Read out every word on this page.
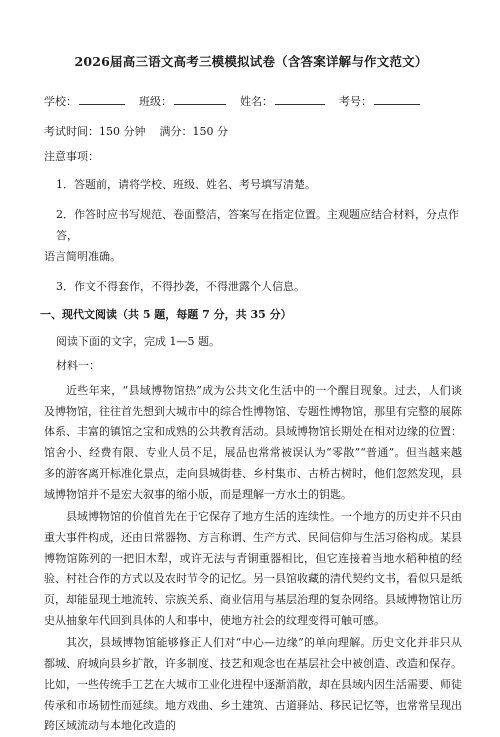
2026届高三语文高考三模模拟试卷（含答案详解与作文范文）
学校：	班级：	姓名：	考号：
考试时间：150 分钟    满分：150 分
注意事项：
1．答题前，请将学校、班级、姓名、考号填写清楚。
2．作答时应书写规范、卷面整洁，答案写在指定位置。主观题应结合材料，分点作答，
语言简明准确。
3．作文不得套作，不得抄袭，不得泄露个人信息。
一、现代文阅读（共 5 题，每题 7 分，共 35 分）
阅读下面的文字，完成 1—5 题。
材料一：

近些年来，“县域博物馆热”成为公共文化生活中的一个醒目现象。过去，人们谈及博物馆，往往首先想到大城市中的综合性博物馆、专题性博物馆，那里有完整的展陈体系、丰富的镇馆之宝和成熟的公共教育活动。县域博物馆长期处在相对边缘的位置：馆舍小、经费有限、专业人员不足，展品也常常被误认为“零散”“普通”。但当越来越多的游客离开标准化景点，走向县城街巷、乡村集市、古桥古树时，他们忽然发现，县域博物馆并不是宏大叙事的缩小版，而是理解一方水土的钥匙。

县域博物馆的价值首先在于它保存了地方生活的连续性。一个地方的历史并不只由重大事件构成，还由日常器物、方言称谓、生产方式、民间信仰与生活习俗构成。某县博物馆陈列的一把旧木犁，或许无法与青铜重器相比，但它连接着当地水稻种植的经验、村社合作的方式以及农时节令的记忆。另一县馆收藏的清代契约文书，看似只是纸页，却能显现土地流转、宗族关系、商业信用与基层治理的复杂网络。县域博物馆让历史从抽象年代回到具体的人和事中，使地方社会的纹理变得可触可感。

其次，县域博物馆能够修正人们对“中心—边缘”的单向理解。历史文化并非只从都城、府城向县乡扩散，许多制度、技艺和观念也在基层社会中被创造、改造和保存。比如，一些传统手工艺在大城市工业化进程中逐渐消散，却在县域内因生活需要、师徒传承和市场韧性而延续。地方戏曲、乡土建筑、古道驿站、移民记忆等，也常常呈现出跨区域流动与本地化改造的
